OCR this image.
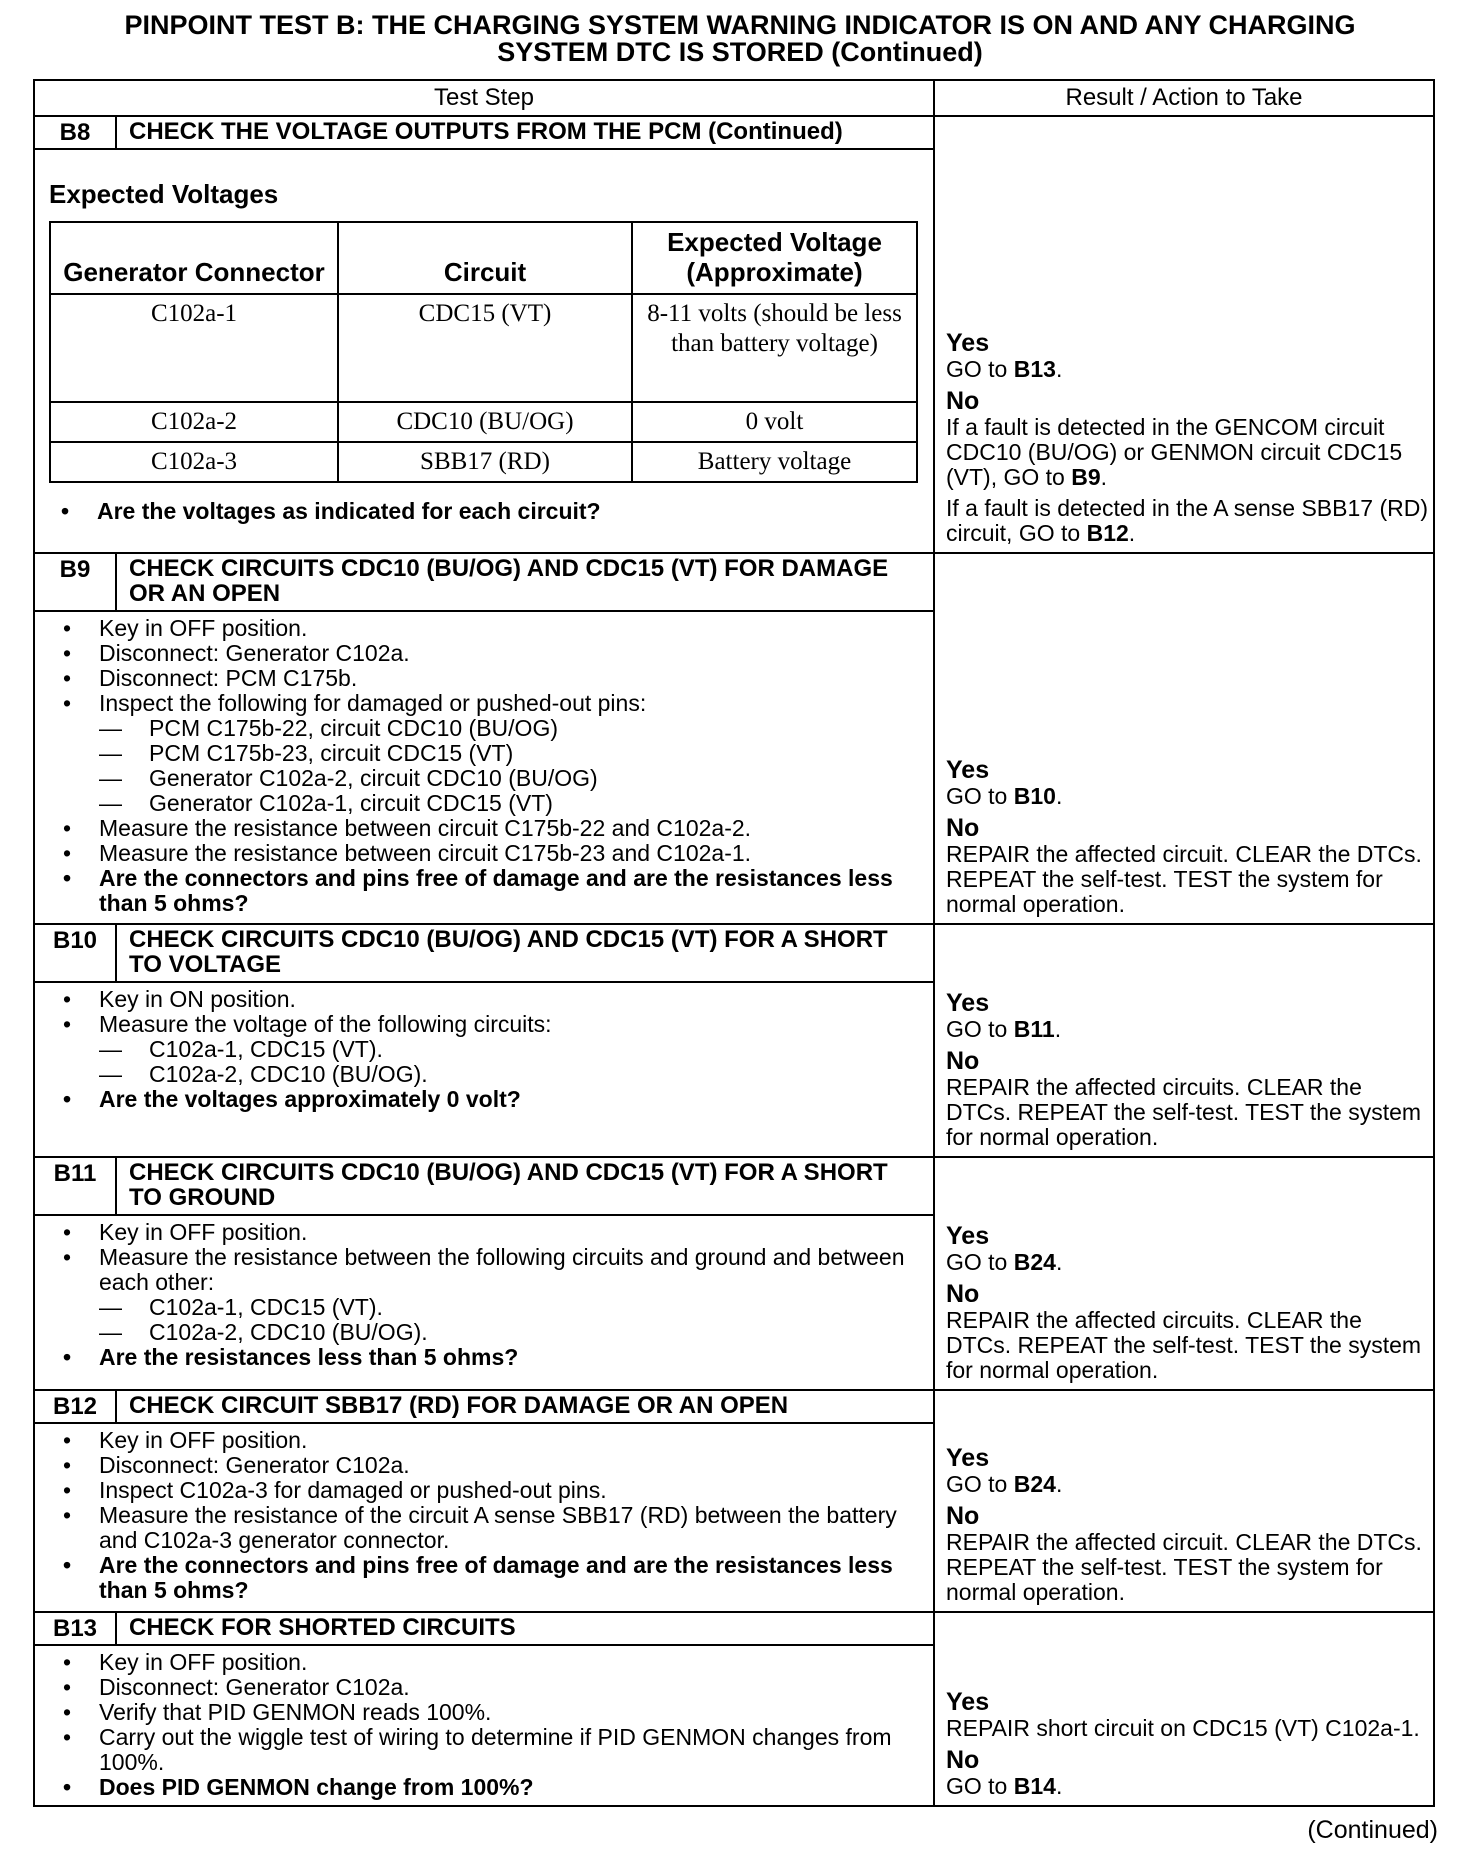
PINPOINT TEST B: THE CHARGING SYSTEM WARNING INDICATOR IS ON AND ANY CHARGING
SYSTEM DTC IS STORED (Continued)
Test Step	Result / Action to Take

B8	CHECK THE VOLTAGE OUTPUTS FROM THE PCM (Continued)
Expected Voltages
Generator Connector	Circuit	Expected Voltage (Approximate)
C102a-1	CDC15 (VT)	8-11 volts (should be less than battery voltage)
C102a-2	CDC10 (BU/OG)	0 volt
C102a-3	SBB17 (RD)	Battery voltage
• Are the voltages as indicated for each circuit?

Yes
GO to B13.
No
If a fault is detected in the GENCOM circuit CDC10 (BU/OG) or GENMON circuit CDC15 (VT), GO to B9.
If a fault is detected in the A sense SBB17 (RD) circuit, GO to B12.

B9	CHECK CIRCUITS CDC10 (BU/OG) AND CDC15 (VT) FOR DAMAGE OR AN OPEN
• Key in OFF position.
• Disconnect: Generator C102a.
• Disconnect: PCM C175b.
• Inspect the following for damaged or pushed-out pins:
— PCM C175b-22, circuit CDC10 (BU/OG)
— PCM C175b-23, circuit CDC15 (VT)
— Generator C102a-2, circuit CDC10 (BU/OG)
— Generator C102a-1, circuit CDC15 (VT)
• Measure the resistance between circuit C175b-22 and C102a-2.
• Measure the resistance between circuit C175b-23 and C102a-1.
• Are the connectors and pins free of damage and are the resistances less than 5 ohms?

Yes
GO to B10.
No
REPAIR the affected circuit. CLEAR the DTCs. REPEAT the self-test. TEST the system for normal operation.

B10	CHECK CIRCUITS CDC10 (BU/OG) AND CDC15 (VT) FOR A SHORT TO VOLTAGE
• Key in ON position.
• Measure the voltage of the following circuits:
— C102a-1, CDC15 (VT).
— C102a-2, CDC10 (BU/OG).
• Are the voltages approximately 0 volt?

Yes
GO to B11.
No
REPAIR the affected circuits. CLEAR the DTCs. REPEAT the self-test. TEST the system for normal operation.

B11	CHECK CIRCUITS CDC10 (BU/OG) AND CDC15 (VT) FOR A SHORT TO GROUND
• Key in OFF position.
• Measure the resistance between the following circuits and ground and between each other:
— C102a-1, CDC15 (VT).
— C102a-2, CDC10 (BU/OG).
• Are the resistances less than 5 ohms?

Yes
GO to B24.
No
REPAIR the affected circuits. CLEAR the DTCs. REPEAT the self-test. TEST the system for normal operation.

B12	CHECK CIRCUIT SBB17 (RD) FOR DAMAGE OR AN OPEN
• Key in OFF position.
• Disconnect: Generator C102a.
• Inspect C102a-3 for damaged or pushed-out pins.
• Measure the resistance of the circuit A sense SBB17 (RD) between the battery and C102a-3 generator connector.
• Are the connectors and pins free of damage and are the resistances less than 5 ohms?

Yes
GO to B24.
No
REPAIR the affected circuit. CLEAR the DTCs. REPEAT the self-test. TEST the system for normal operation.

B13	CHECK FOR SHORTED CIRCUITS
• Key in OFF position.
• Disconnect: Generator C102a.
• Verify that PID GENMON reads 100%.
• Carry out the wiggle test of wiring to determine if PID GENMON changes from 100%.
• Does PID GENMON change from 100%?

Yes
REPAIR short circuit on CDC15 (VT) C102a-1.
No
GO to B14.
(Continued)
